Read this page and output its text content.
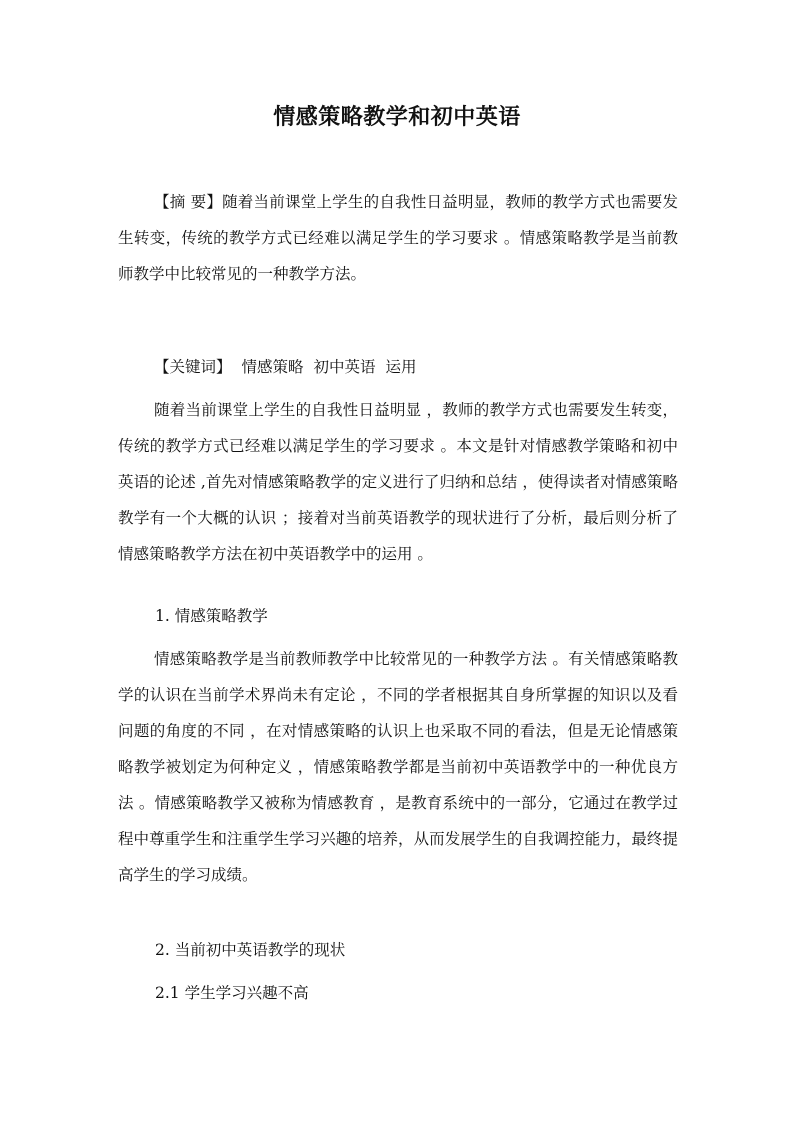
情感策略教学和初中英语

【摘 要】随着当前课堂上学生的自我性日益明显，教师的教学方式也需要发生转变，传统的教学方式已经难以满足学生的学习要求 。情感策略教学是当前教师教学中比较常见的一种教学方法。

【关键词】 情感策略 初中英语 运用

随着当前课堂上学生的自我性日益明显 ，教师的教学方式也需要发生转变，传统的教学方式已经难以满足学生的学习要求 。本文是针对情感教学策略和初中英语的论述 ,首先对情感策略教学的定义进行了归纳和总结 ，使得读者对情感策略教学有一个大概的认识 ；接着对当前英语教学的现状进行了分析，最后则分析了情感策略教学方法在初中英语教学中的运用 。

1. 情感策略教学

情感策略教学是当前教师教学中比较常见的一种教学方法 。有关情感策略教学的认识在当前学术界尚未有定论 ，不同的学者根据其自身所掌握的知识以及看问题的角度的不同 ，在对情感策略的认识上也采取不同的看法，但是无论情感策略教学被划定为何种定义 ，情感策略教学都是当前初中英语教学中的一种优良方法 。情感策略教学又被称为情感教育 ，是教育系统中的一部分，它通过在教学过程中尊重学生和注重学生学习兴趣的培养，从而发展学生的自我调控能力，最终提高学生的学习成绩。

2. 当前初中英语教学的现状

2.1 学生学习兴趣不高
